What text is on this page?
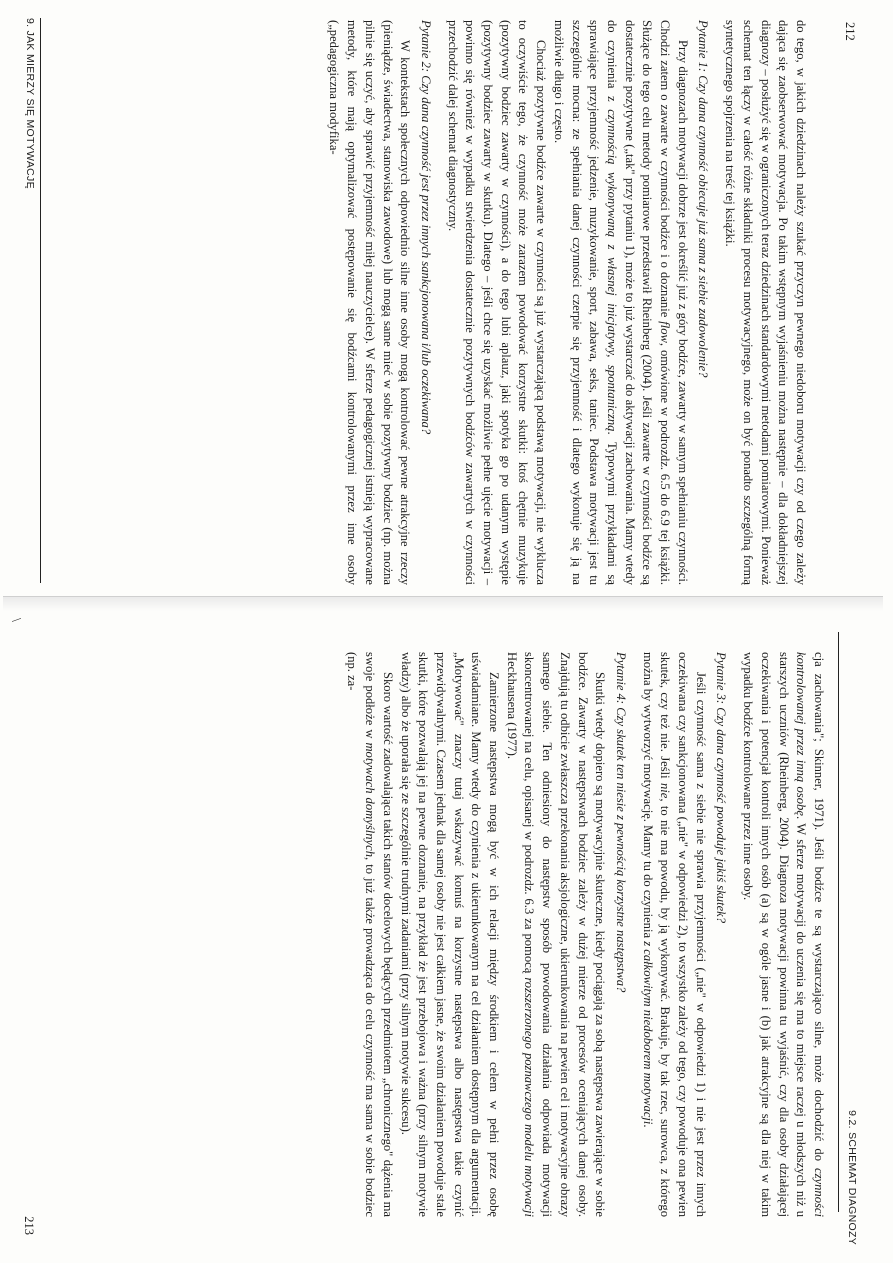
212

do tego, w jakich dziedzinach należy szukać przyczyn pewnego niedoboru motywacji czy od czego zależy dająca się zaobserwować motywacja. Po takim wstępnym wyjaśnieniu można następnie – dla dokładniejszej diagnozy – posłużyć się w ograniczonych teraz dziedzinach standardowymi metodami pomiarowymi. Ponieważ schemat ten łączy w całość różne składniki procesu motywacyjnego, może on być ponadto szczególną formą syntetycznego spojrzenia na treść tej książki.

Pytanie 1: Czy dana czynność obiecuje już sama z siebie zadowolenie?

Przy diagnozach motywacji dobrze jest określić już z góry bodźce, zawarty w samym spełnianiu czynności. Chodzi zatem o zawarte w czynności bodźce i o doznanie flow, omówione w podrozdz. 6.5 do 6.9 tej książki. Służące do tego celu metody pomiarowe przedstawił Rheinberg (2004). Jeśli zawarte w czynności bodźce są dostatecznie pozytywne („tak" przy pytaniu 1), może to już wystarczać do aktywacji zachowania. Mamy wtedy do czynienia z czynnością wykonywaną z własnej inicjatywy, spontaniczną. Typowymi przykładami są sprawiające przyjemność jedzenie, muzykowanie, sport, zabawa, seks, taniec. Podstawa motywacji jest tu szczególnie mocna: ze spełniania danej czynności czerpie się przyjemność i dlatego wykonuje się ją na możliwie długo i często.

Chociaż pozytywne bodźce zawarte w czynności są już wystarczającą podstawą motywacji, nie wyklucza to oczywiście tego, że czynność może zarazem powodować korzystne skutki: ktoś chętnie muzykuje (pozytywny bodziec zawarty w czynności), a do tego lubi aplauz, jaki spotyka go po udanym występie (pozytywny bodziec zawarty w skutku). Dlatego – jeśli chce się uzyskać możliwie pełne ujęcie motywacji – powinno się również w wypadku stwierdzenia dostatecznie pozytywnych bodźców zawartych w czynności przechodzić dalej schemat diagnostyczny.

Pytanie 2: Czy dana czynność jest przez innych sankcjonowana i/lub oczekiwana?

W kontekstach społecznych odpowiednio silne inne osoby mogą kontrolować pewne atrakcyjne rzeczy (pieniądze, świadectwa, stanowiska zawodowe) lub mogą same mieć w sobie pozytywny bodziec (np. można pilnie się uczyć, aby sprawić przyjemność miłej nauczycielce). W sferze pedagogicznej istnieją wypracowane metody, które mają optymalizować postępowanie się bodźcami kontrolowanymi przez inne osoby („pedagogiczna modyfika-

9. JAK MIERZY SIĘ MOTYWACJĘ
\
9.2. SCHEMAT DIAGNOZY

cja zachowania"; Skinner, 1971). Jeśli bodźce te są wystarczająco silne, może dochodzić do czynności kontrolowanej przez inną osobę. W sferze motywacji do uczenia się ma to miejsce raczej u młodszych niż u starszych uczniów (Rheinberg, 2004). Diagnoza motywacji powinna tu wyjaśnić, czy dla osoby działającej oczekiwania i potencjał kontroli innych osób (a) są w ogóle jasne i (b) jak atrakcyjne są dla niej w takim wypadku bodźce kontrolowane przez inne osoby.

Pytanie 3: Czy dana czynność powoduje jakiś skutek?

Jeśli czynność sama z siebie nie sprawia przyjemności („nie" w odpowiedzi 1) i nie jest przez innych oczekiwana czy sankcjonowana („nie" w odpowiedzi 2), to wszystko zależy od tego, czy powoduje ona pewien skutek, czy też nie. Jeśli nie, to nie ma powodu, by ją wykonywać. Brakuje, by tak rzec, surowca, z którego można by wytworzyć motywację. Mamy tu do czynienia z całkowitym niedoborem motywacji.

Pytanie 4: Czy skutek ten niesie z pewnością korzystne następstwa?

Skutki wtedy dopiero są motywacyjnie skuteczne, kiedy pociągają za sobą następstwa zawierające w sobie bodźce. Zawarty w następstwach bodziec zależy w dużej mierze od procesów oceniających danej osoby. Znajdują tu odbicie zwłaszcza przekonania aksjologiczne, ukierunkowania na pewien cel i motywacyjne obrazy samego siebie. Ten odniesiony do następstw sposób powodowania działania odpowiada motywacji skoncentrowanej na celu, opisanej w podrozdz. 6.3 za pomocą rozszerzonego poznawczego modelu motywacji Heckhausena (1977).

Zamierzone następstwa mogą być w ich relacji między środkiem i celem w pełni przez osobę uświadamiane. Mamy wtedy do czynienia z ukierunkowanym na cel działaniem dostępnym dla argumentacji. „Motywować" znaczy tutaj wskazywać komuś na korzystne następstwa albo następstwa takie czynić przewidywalnymi. Czasem jednak dla samej osoby nie jest całkiem jasne, że swoim działaniem powoduje stale skutki, które pozwalają jej na pewne doznanie, na przykład że jest przebojowa i ważna (przy silnym motywie władzy) albo że uporała się ze szczególnie trudnymi zadaniami (przy silnym motywie sukcesu).

Skoro wartość zadowalająca takich stanów docelowych będących przedmiotem „chronicznego" dążenia ma swoje podłoże w motywach domyślnych, to już także prowadząca do celu czynność ma sama w sobie bodziec (np. za-

213
